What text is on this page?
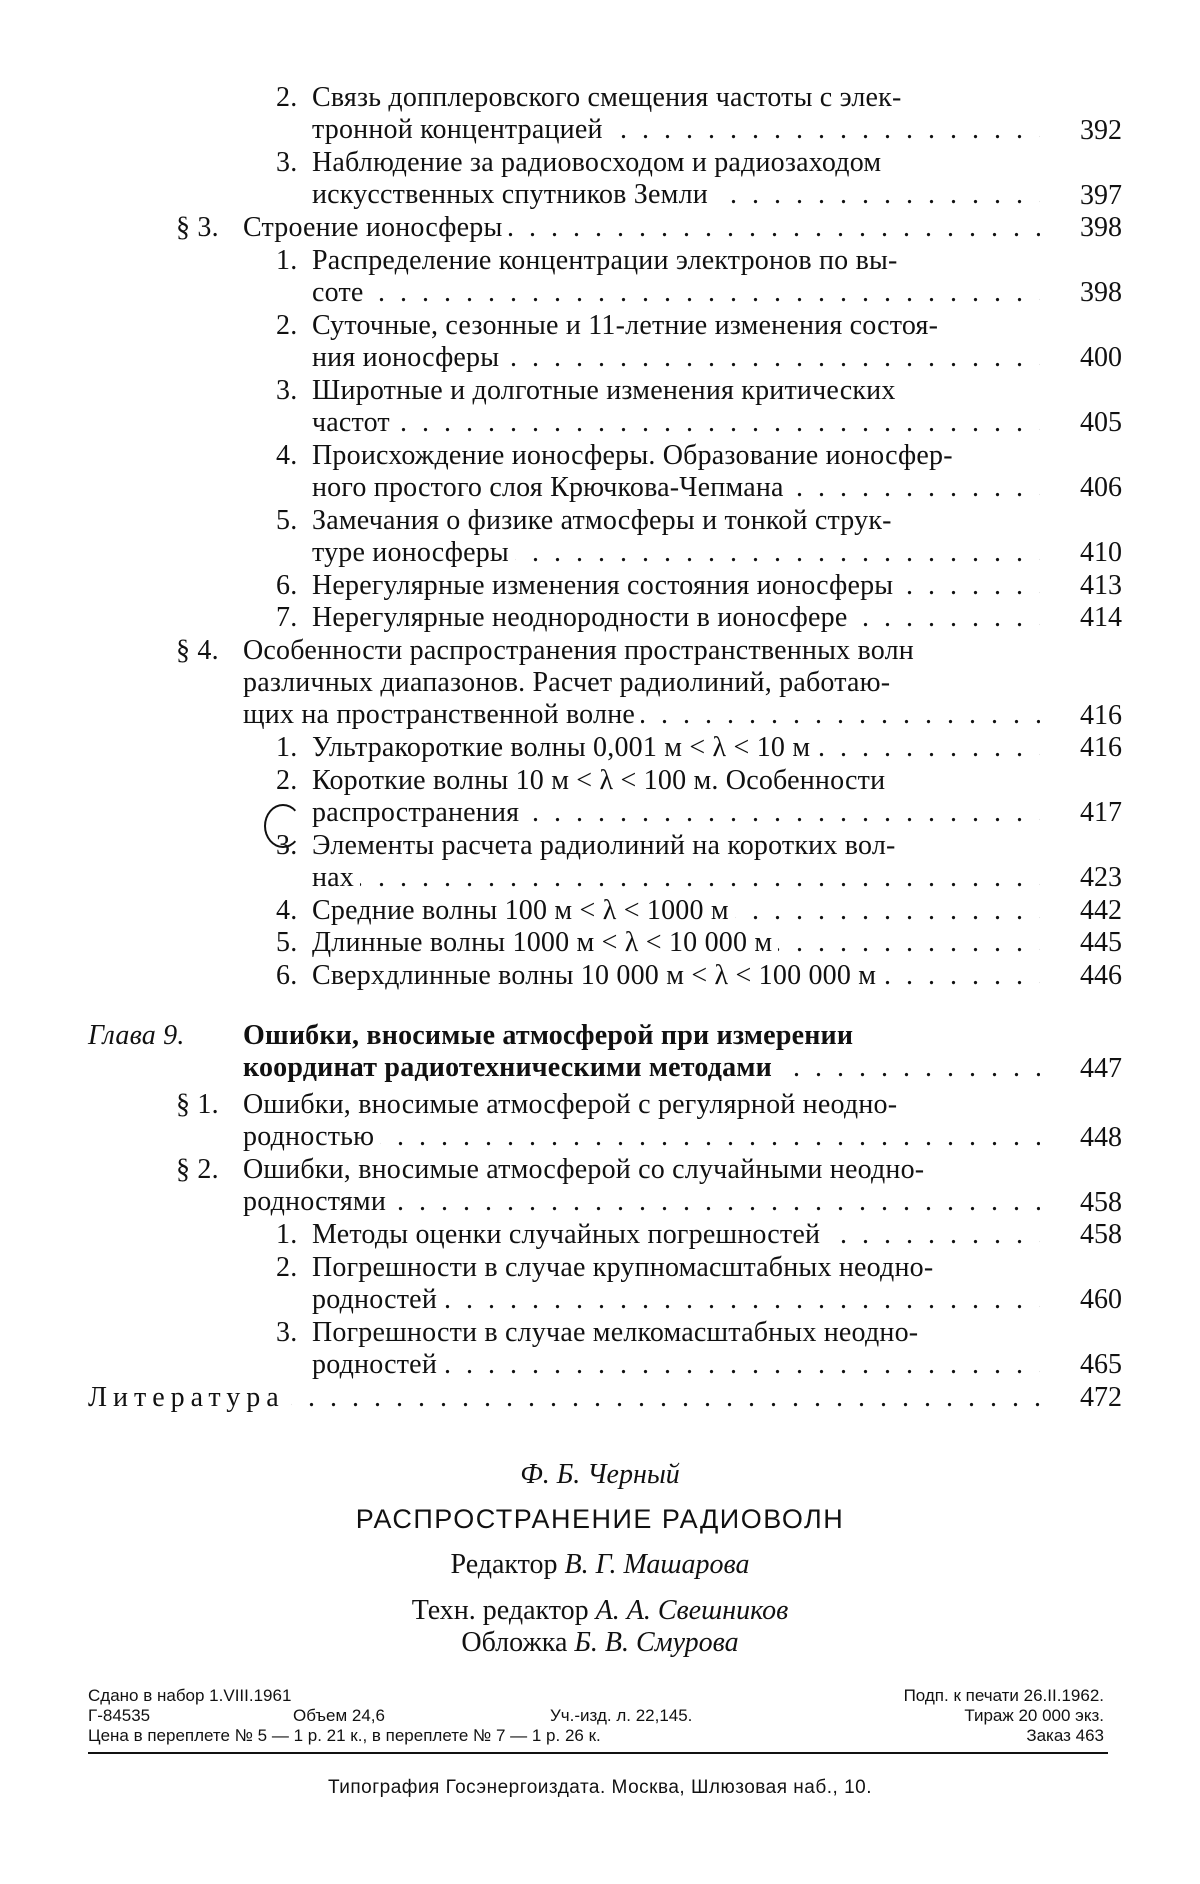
2. Связь допплеровского смещения частоты с элек-
тронной концентрацией . . .	392
3. Наблюдение за радиовосходом и радиозаходом
искусственных спутников Земли . . .	397
§ 3. Строение ионосферы . . .	398
1. Распределение концентрации электронов по вы-
соте . . .	398
2. Суточные, сезонные и 11-летние изменения состоя-
ния ионосферы . . .	400
3. Широтные и долготные изменения критических
частот . . .	405
4. Происхождение ионосферы. Образование ионосфер-
ного простого слоя Крючкова-Чепмана . . .	406
5. Замечания о физике атмосферы и тонкой струк-
туре ионосферы . . .	410
6. Нерегулярные изменения состояния ионосферы . . .	413
7. Нерегулярные неоднородности в ионосфере . . .	414
§ 4. Особенности распространения пространственных волн
различных диапазонов. Расчет радиолиний, работаю-
щих на пространственной волне . . .	416
1. Ультракороткие волны 0,001 м < λ < 10 м . . .	416
2. Короткие волны 10 м < λ < 100 м. Особенности
распространения . . .	417
3. Элементы расчета радиолиний на коротких вол-
нах . . .	423
4. Средние волны 100 м < λ < 1000 м . . .	442
5. Длинные волны 1000 м < λ < 10 000 м . . .	445
6. Сверхдлинные волны 10 000 м < λ < 100 000 м . . .	446
Глава 9. Ошибки, вносимые атмосферой при измерении
координат радиотехническими методами . . .	447
§ 1. Ошибки, вносимые атмосферой с регулярной неодно-
родностью . . .	448
§ 2. Ошибки, вносимые атмосферой со случайными неодно-
родностями . . .	458
1. Методы оценки случайных погрешностей . . .	458
2. Погрешности в случае крупномасштабных неодно-
родностей . . .	460
3. Погрешности в случае мелкомасштабных неодно-
родностей . . .	465
Литература . . .	472
Ф. Б. Черный
РАСПРОСТРАНЕНИЕ РАДИОВОЛН
Редактор В. Г. Машарова
Техн. редактор А. А. Свешников
Обложка Б. В. Смурова
Сдано в набор 1.VIII.1961	Подп. к печати 26.II.1962.
Г-84535	Объем 24,6	Уч.-изд. л. 22,145.	Тираж 20 000 экз.
Цена в переплете № 5 — 1 р. 21 к., в переплете № 7 — 1 р. 26 к.	Заказ 463
Типография Госэнергоиздата. Москва, Шлюзовая наб., 10.
